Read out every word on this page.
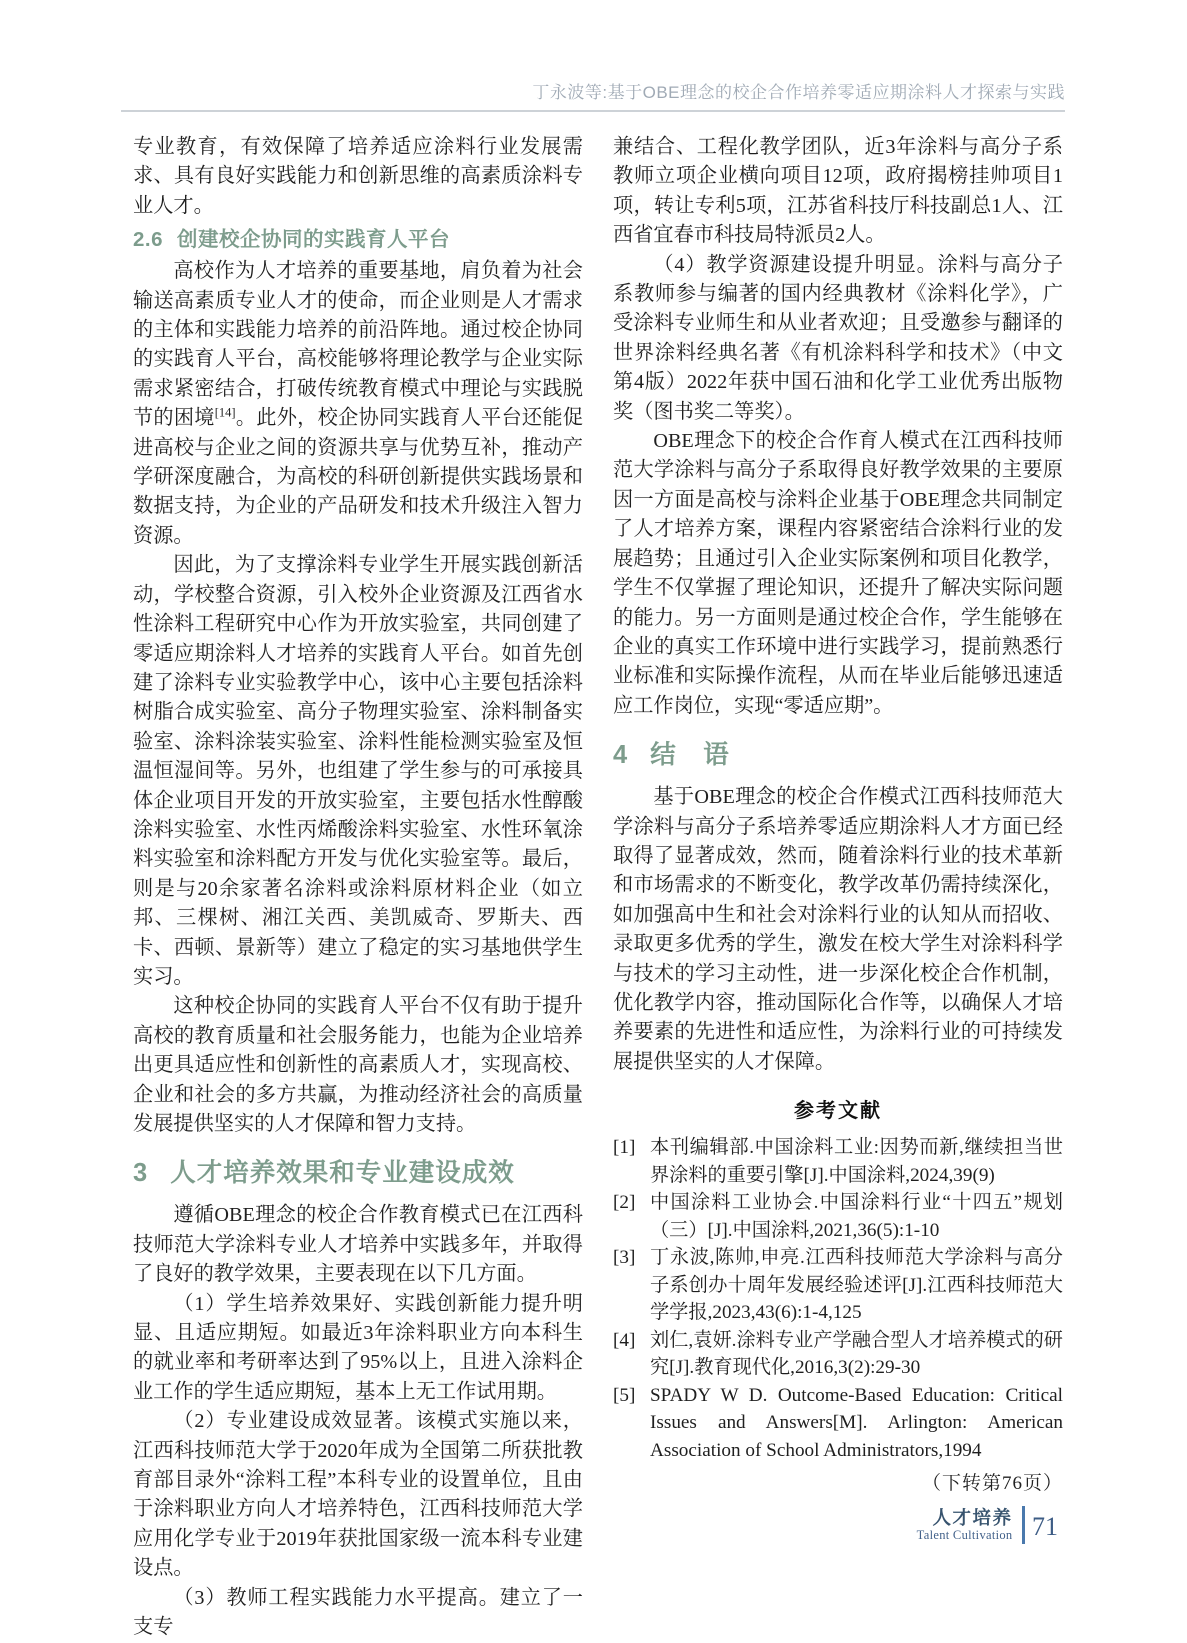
丁永波等:基于OBE理念的校企合作培养零适应期涂料人才探索与实践

专业教育，有效保障了培养适应涂料行业发展需求、具有良好实践能力和创新思维的高素质涂料专业人才。

2.6 创建校企协同的实践育人平台

高校作为人才培养的重要基地，肩负着为社会输送高素质专业人才的使命，而企业则是人才需求的主体和实践能力培养的前沿阵地。通过校企协同的实践育人平台，高校能够将理论教学与企业实际需求紧密结合，打破传统教育模式中理论与实践脱节的困境[14]。此外，校企协同实践育人平台还能促进高校与企业之间的资源共享与优势互补，推动产学研深度融合，为高校的科研创新提供实践场景和数据支持，为企业的产品研发和技术升级注入智力资源。

因此，为了支撑涂料专业学生开展实践创新活动，学校整合资源，引入校外企业资源及江西省水性涂料工程研究中心作为开放实验室，共同创建了零适应期涂料人才培养的实践育人平台。如首先创建了涂料专业实验教学中心，该中心主要包括涂料树脂合成实验室、高分子物理实验室、涂料制备实验室、涂料涂装实验室、涂料性能检测实验室及恒温恒湿间等。另外，也组建了学生参与的可承接具体企业项目开发的开放实验室，主要包括水性醇酸涂料实验室、水性丙烯酸涂料实验室、水性环氧涂料实验室和涂料配方开发与优化实验室等。最后，则是与20余家著名涂料或涂料原材料企业（如立邦、三棵树、湘江关西、美凯威奇、罗斯夫、西卡、西顿、景新等）建立了稳定的实习基地供学生实习。

这种校企协同的实践育人平台不仅有助于提升高校的教育质量和社会服务能力，也能为企业培养出更具适应性和创新性的高素质人才，实现高校、企业和社会的多方共赢，为推动经济社会的高质量发展提供坚实的人才保障和智力支持。

3 人才培养效果和专业建设成效

遵循OBE理念的校企合作教育模式已在江西科技师范大学涂料专业人才培养中实践多年，并取得了良好的教学效果，主要表现在以下几方面。

（1）学生培养效果好、实践创新能力提升明显、且适应期短。如最近3年涂料职业方向本科生的就业率和考研率达到了95%以上，且进入涂料企业工作的学生适应期短，基本上无工作试用期。

（2）专业建设成效显著。该模式实施以来，江西科技师范大学于2020年成为全国第二所获批教育部目录外“涂料工程”本科专业的设置单位，且由于涂料职业方向人才培养特色，江西科技师范大学应用化学专业于2019年获批国家级一流本科专业建设点。

（3）教师工程实践能力水平提高。建立了一支专

兼结合、工程化教学团队，近3年涂料与高分子系教师立项企业横向项目12项，政府揭榜挂帅项目1项，转让专利5项，江苏省科技厅科技副总1人、江西省宜春市科技局特派员2人。

（4）教学资源建设提升明显。涂料与高分子系教师参与编著的国内经典教材《涂料化学》，广受涂料专业师生和从业者欢迎；且受邀参与翻译的世界涂料经典名著《有机涂料科学和技术》（中文第4版）2022年获中国石油和化学工业优秀出版物奖（图书奖二等奖）。

OBE理念下的校企合作育人模式在江西科技师范大学涂料与高分子系取得良好教学效果的主要原因一方面是高校与涂料企业基于OBE理念共同制定了人才培养方案，课程内容紧密结合涂料行业的发展趋势；且通过引入企业实际案例和项目化教学，学生不仅掌握了理论知识，还提升了解决实际问题的能力。另一方面则是通过校企合作，学生能够在企业的真实工作环境中进行实践学习，提前熟悉行业标准和实际操作流程，从而在毕业后能够迅速适应工作岗位，实现“零适应期”。

4 结　语

基于OBE理念的校企合作模式江西科技师范大学涂料与高分子系培养零适应期涂料人才方面已经取得了显著成效，然而，随着涂料行业的技术革新和市场需求的不断变化，教学改革仍需持续深化，如加强高中生和社会对涂料行业的认知从而招收、录取更多优秀的学生，激发在校大学生对涂料科学与技术的学习主动性，进一步深化校企合作机制，优化教学内容，推动国际化合作等，以确保人才培养要素的先进性和适应性，为涂料行业的可持续发展提供坚实的人才保障。

参考文献
[1] 本刊编辑部.中国涂料工业:因势而新,继续担当世界涂料的重要引擎[J].中国涂料,2024,39(9)
[2] 中国涂料工业协会.中国涂料行业“十四五”规划（三）[J].中国涂料,2021,36(5):1-10
[3] 丁永波,陈帅,申亮.江西科技师范大学涂料与高分子系创办十周年发展经验述评[J].江西科技师范大学学报,2023,43(6):1-4,125
[4] 刘仁,袁妍.涂料专业产学融合型人才培养模式的研究[J].教育现代化,2016,3(2):29-30
[5] SPADY W D. Outcome-Based Education: Critical Issues and Answers[M]. Arlington: American Association of School Administrators,1994
（下转第76页）
人才培养
Talent Cultivation 71
